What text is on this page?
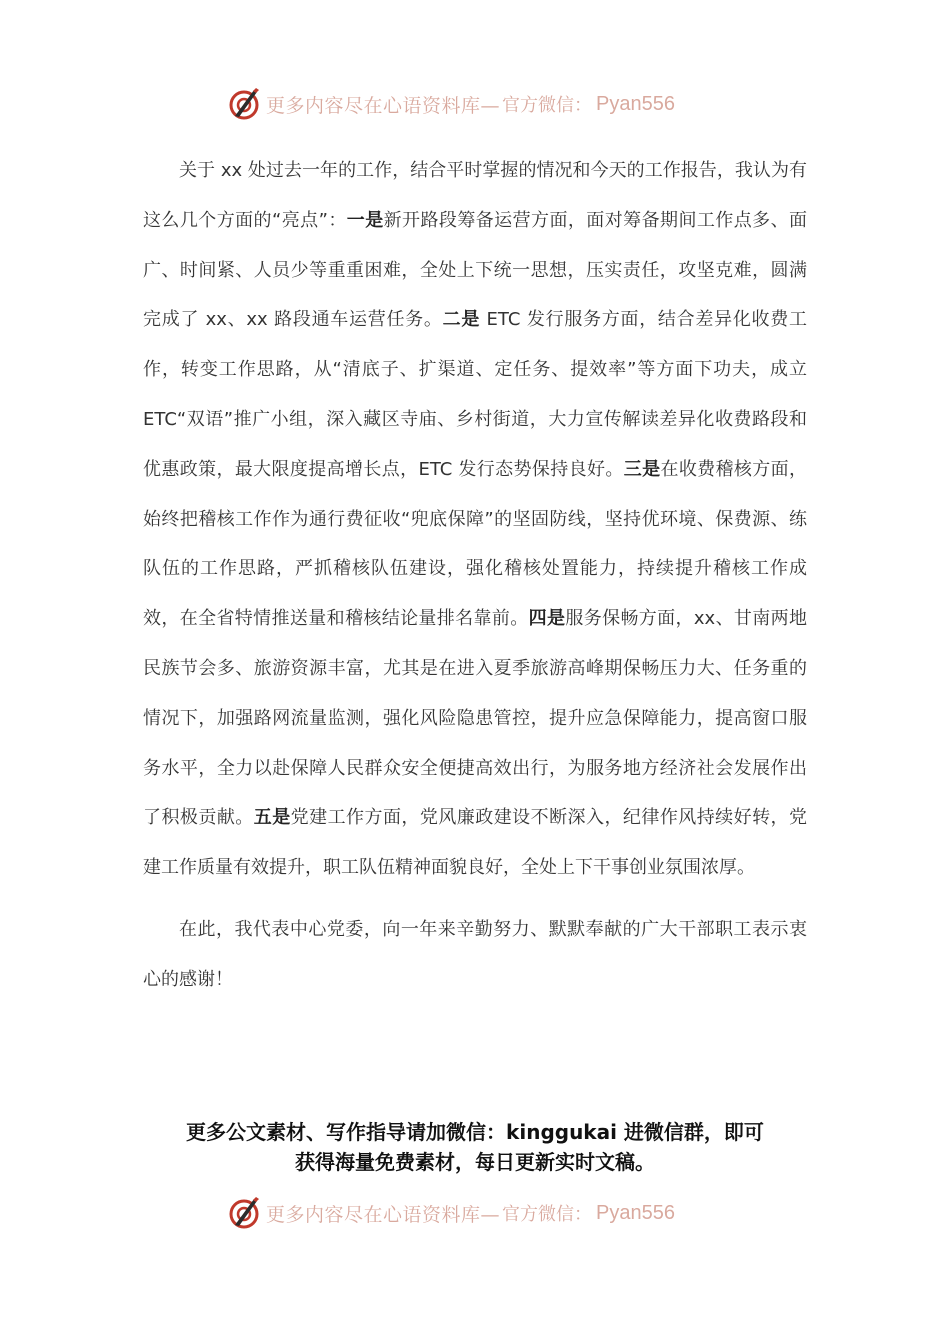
更多内容尽在心语资料库— 官方微信： Pyan556

关于 xx 处过去一年的工作，结合平时掌握的情况和今天的工作报告，我认为有这么几个方面的“亮点”：一是新开路段筹备运营方面，面对筹备期间工作点多、面广、时间紧、人员少等重重困难，全处上下统一思想，压实责任，攻坚克难，圆满完成了 xx、xx 路段通车运营任务。二是 ETC 发行服务方面，结合差异化收费工作，转变工作思路，从“清底子、扩渠道、定任务、提效率”等方面下功夫，成立 ETC“双语”推广小组，深入藏区寺庙、乡村街道，大力宣传解读差异化收费路段和优惠政策，最大限度提高增长点，ETC 发行态势保持良好。三是在收费稽核方面，始终把稽核工作作为通行费征收“兜底保障”的坚固防线，坚持优环境、保费源、练队伍的工作思路，严抓稽核队伍建设，强化稽核处置能力，持续提升稽核工作成效，在全省特情推送量和稽核结论量排名靠前。四是服务保畅方面，xx、甘南两地民族节会多、旅游资源丰富，尤其是在进入夏季旅游高峰期保畅压力大、任务重的情况下，加强路网流量监测，强化风险隐患管控，提升应急保障能力，提高窗口服务水平，全力以赴保障人民群众安全便捷高效出行，为服务地方经济社会发展作出了积极贡献。五是党建工作方面，党风廉政建设不断深入，纪律作风持续好转，党建工作质量有效提升，职工队伍精神面貌良好，全处上下干事创业氛围浓厚。

在此，我代表中心党委，向一年来辛勤努力、默默奉献的广大干部职工表示衷心的感谢！

更多公文素材、写作指导请加微信：kinggukai 进微信群，即可
获得海量免费素材，每日更新实时文稿。
更多内容尽在心语资料库— 官方微信： Pyan556
